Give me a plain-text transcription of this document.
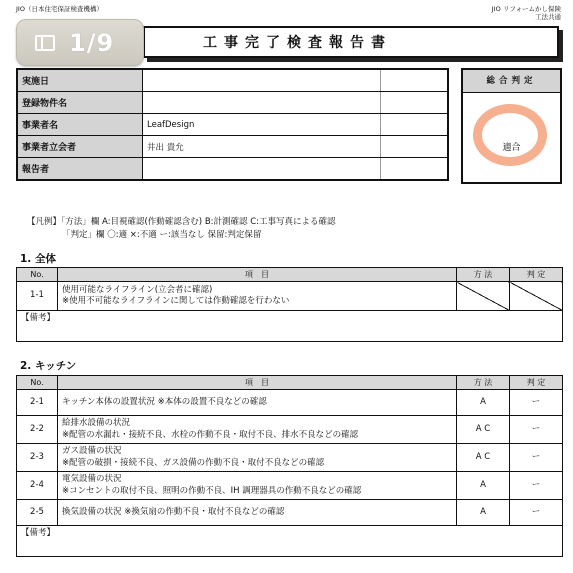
JIO（日本住宅保証検査機構）	JIO リフォームかし保険
工法共通
工事完了検査報告書
1/9
実施日		
登録物件名		
事業者名	LeafDesign	
事業者立会者	井出 貴允	
報告者		
総合判定
適合
【凡例】「方法」欄 A:目視確認(作動確認含む) B:計測確認 C:工事写真による確認
「判定」欄 〇:適 ×:不適 ー:該当なし 保留:判定保留
1. 全体
No.	項　目	方 法	判 定
1-1	使用可能なライフライン(立会者に確認)
※使用不可能なライフラインに関しては作動確認を行わない		

【備考】			
2. キッチン
No.	項　目	方 法	判 定
2-1	キッチン本体の設置状況 ※本体の設置不良などの確認	A	ー
2-2	給排水設備の状況
※配管の水漏れ・接続不良、水栓の作動不良・取付不良、排水不良などの確認	A C	ー
2-3	ガス設備の状況
※配管の破損・接続不良、ガス設備の作動不良・取付不良などの確認	A C	ー
2-4	電気設備の状況
※コンセントの取付不良、照明の作動不良、IH 調理器具の作動不良などの確認	A	ー
2-5	換気設備の状況 ※換気扇の作動不良・取付不良などの確認	A	ー
【備考】			
